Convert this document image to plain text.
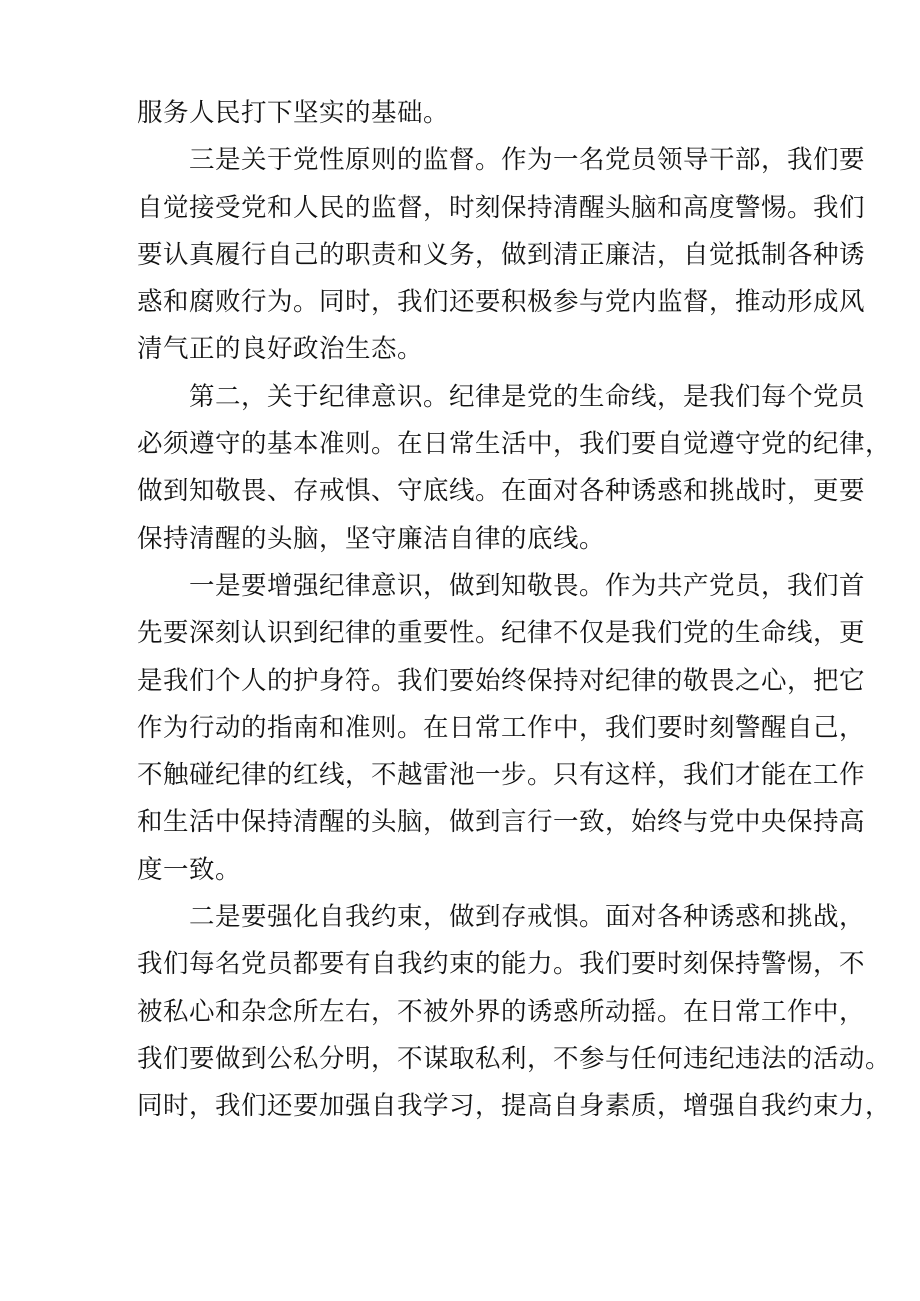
服务人民打下坚实的基础。
　　三是关于党性原则的监督。作为一名党员领导干部，我们要
自觉接受党和人民的监督，时刻保持清醒头脑和高度警惕。我们
要认真履行自己的职责和义务，做到清正廉洁，自觉抵制各种诱
惑和腐败行为。同时，我们还要积极参与党内监督，推动形成风
清气正的良好政治生态。
　　第二，关于纪律意识。纪律是党的生命线，是我们每个党员
必须遵守的基本准则。在日常生活中，我们要自觉遵守党的纪律，
做到知敬畏、存戒惧、守底线。在面对各种诱惑和挑战时，更要
保持清醒的头脑，坚守廉洁自律的底线。
　　一是要增强纪律意识，做到知敬畏。作为共产党员，我们首
先要深刻认识到纪律的重要性。纪律不仅是我们党的生命线，更
是我们个人的护身符。我们要始终保持对纪律的敬畏之心，把它
作为行动的指南和准则。在日常工作中，我们要时刻警醒自己，
不触碰纪律的红线，不越雷池一步。只有这样，我们才能在工作
和生活中保持清醒的头脑，做到言行一致，始终与党中央保持高
度一致。
　　二是要强化自我约束，做到存戒惧。面对各种诱惑和挑战，
我们每名党员都要有自我约束的能力。我们要时刻保持警惕，不
被私心和杂念所左右，不被外界的诱惑所动摇。在日常工作中，
我们要做到公私分明，不谋取私利，不参与任何违纪违法的活动。
同时，我们还要加强自我学习，提高自身素质，增强自我约束力，
